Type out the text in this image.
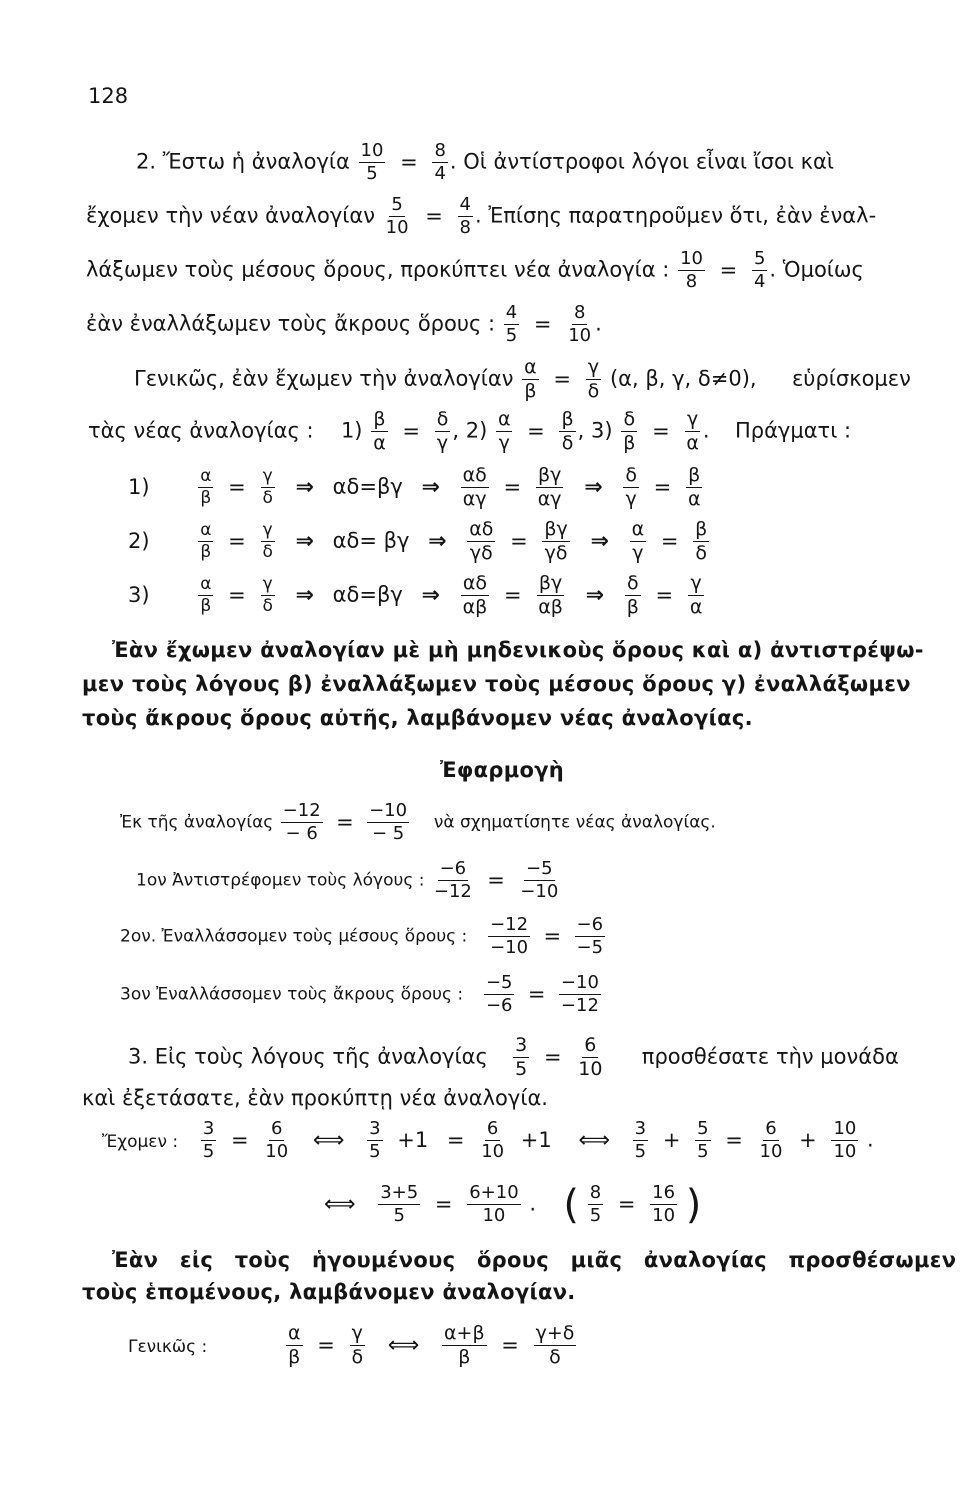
128
2. Ἔστω ἡ ἀναλογία $\frac{10}{5} = \frac{8}{4}$ . Οἱ ἀντίστροφοι λόγοι εἶναι ἴσοι καὶ
ἔχομεν τὴν νέαν ἀναλογίαν $\frac{5}{10} = \frac{4}{8}$ . Ἐπίσης παρατηροῦμεν ὅτι, ἐὰν ἐναλ-
λάξωμεν τοὺς μέσους ὅρους, προκύπτει νέα ἀναλογία : $\frac{10}{8} = \frac{5}{4}$ . Ὁμοίως
ἐὰν ἐναλλάξωμεν τοὺς ἄκρους ὅρους : $\frac{4}{5} = \frac{8}{10}$ .
Γενικῶς, ἐὰν ἔχωμεν τὴν ἀναλογίαν $\frac{\alpha}{\beta} = \frac{\gamma}{\delta} (\alpha$, β, γ, δ≠0), εὑρίσκομεν
τὰς νέας ἀναλογίας : $1) \frac{\beta}{\alpha} = \frac{\delta}{\gamma}$ , $2) \frac{\alpha}{\gamma} = \frac{\beta}{\delta}$ , $3) \frac{\delta}{\beta} = \frac{\gamma}{\alpha}$ . Πράγματι :
1)	$\frac{\alpha}{\beta} = \frac{\gamma}{\delta}$ ⇒ αδ=βγ ⇒ $\frac{\alpha\delta}{\alpha\gamma} = \frac{\beta\gamma}{\alpha\gamma}$ ⇒ $\frac{\delta}{\gamma} = \frac{\beta}{\alpha}$
2)	$\frac{\alpha}{\beta} = \frac{\gamma}{\delta}$ ⇒ αδ= βγ ⇒ $\frac{\alpha\delta}{\gamma\delta} = \frac{\beta\gamma}{\gamma\delta}$ ⇒ $\frac{\alpha}{\gamma} = \frac{\beta}{\delta}$
3)	$\frac{\alpha}{\beta} = \frac{\gamma}{\delta}$ ⇒ αδ=βγ ⇒ $\frac{\alpha\delta}{\alpha\beta} = \frac{\beta\gamma}{\alpha\beta}$ ⇒ $\frac{\delta}{\beta} = \frac{\gamma}{\alpha}$
Ἐὰν ἔχωμεν ἀναλογίαν μὲ μὴ μηδενικοὺς ὅρους καὶ α) ἀντιστρέψω-
μεν τοὺς λόγους β) ἐναλλάξωμεν τοὺς μέσους ὅρους γ) ἐναλλάξωμεν
τοὺς ἄκρους ὅρους αὐτῆς, λαμβάνομεν νέας ἀναλογίας.
Ἐφαρμογὴ
Ἐκ τῆς ἀναλογίας $\frac{-12}{- 6} = \frac{-10}{- 5}$ νὰ σχηματίσητε νέας ἀναλογίας.
1ον Ἀντιστρέφομεν τοὺς λόγους : $\frac{-6}{-12} = \frac{-5}{-10}$
2ον. Ἐναλλάσσομεν τοὺς μέσους ὅρους : $\frac{-12}{-10} = \frac{-6}{-5}$
3ον Ἐναλλάσσομεν τοὺς ἄκρους ὅρους : $\frac{-5}{-6} = \frac{-10}{-12}$
3. Εἰς τοὺς λόγους τῆς ἀναλογίας $\frac{3}{5} = \frac{6}{10}$ προσθέσατε τὴν μονάδα
καὶ ἐξετάσατε, ἐὰν προκύπτῃ νέα ἀναλογία.
Ἔχομεν : $\frac{3}{5} = \frac{6}{10}$ ⟺ $\frac{3}{5} +1 = \frac{6}{10} +1$ ⟺ $\frac{3}{5} + \frac{5}{5} = \frac{6}{10} + \frac{10}{10}$ .
⟺ $\frac{3+5}{5} = \frac{6+10}{10}$ . ( $\frac{8}{5} = \frac{16}{10}$ )
Ἐὰν εἰς τοὺς ἡγουμένους ὅρους μιᾶς ἀναλογίας προσθέσωμεν
τοὺς ἑπομένους, λαμβάνομεν ἀναλογίαν.
Γενικῶς :	$\frac{\alpha}{\beta} = \frac{\gamma}{\delta}$ ⟺ $\frac{\alpha+\beta}{\beta} = \frac{\gamma+\delta}{\delta}$
